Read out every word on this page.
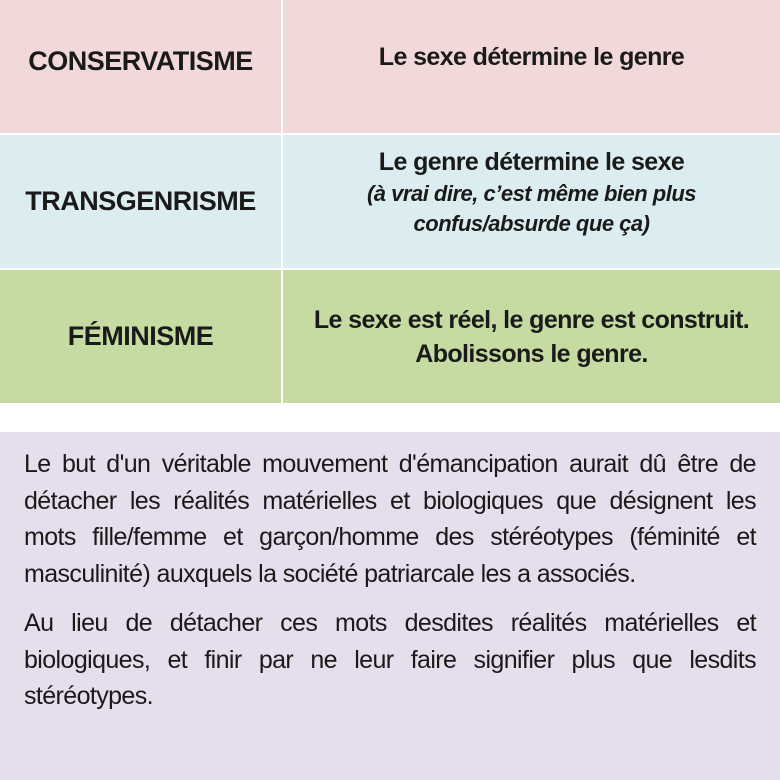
CONSERVATISME	Le sexe détermine le genre
TRANSGENRISME
Le genre détermine le sexe
(à vrai dire, c’est même bien plus
confus/absurde que ça)
FÉMINISME
Le sexe est réel, le genre est construit.
Abolissons le genre.

Le but d'un véritable mouvement d'émancipation aurait dû être de détacher les réalités matérielles et biologiques que désignent les mots fille/femme et garçon/homme des stéréotypes (féminité et masculinité) auxquels la société patriarcale les a associés.

Au lieu de détacher ces mots desdites réalités matérielles et biologiques, et finir par ne leur faire signifier plus que lesdits stéréotypes.
